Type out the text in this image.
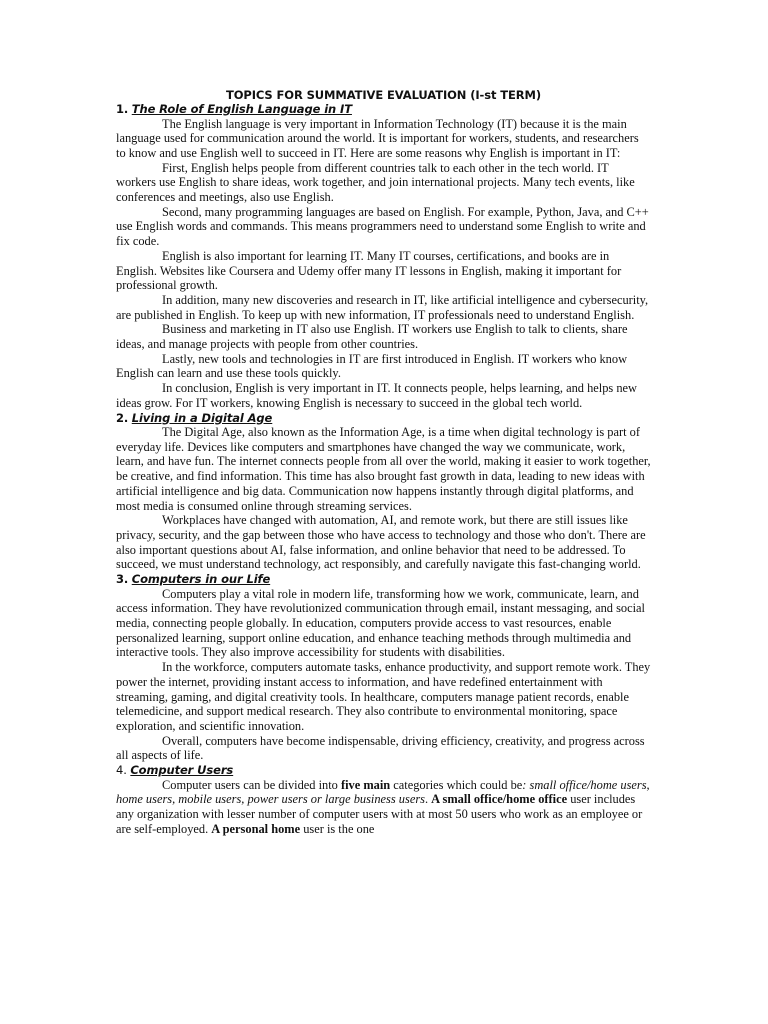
TOPICS FOR SUMMATIVE EVALUATION (I-st TERM)
1. The Role of English Language in IT

The English language is very important in Information Technology (IT) because it is the main language used for communication around the world. It is important for workers, students, and researchers to know and use English well to succeed in IT. Here are some reasons why English is important in IT:

First, English helps people from different countries talk to each other in the tech world. IT workers use English to share ideas, work together, and join international projects. Many tech events, like conferences and meetings, also use English.

Second, many programming languages are based on English. For example, Python, Java, and C++ use English words and commands. This means programmers need to understand some English to write and fix code.

English is also important for learning IT. Many IT courses, certifications, and books are in English. Websites like Coursera and Udemy offer many IT lessons in English, making it important for professional growth.

In addition, many new discoveries and research in IT, like artificial intelligence and cybersecurity, are published in English. To keep up with new information, IT professionals need to understand English.

Business and marketing in IT also use English. IT workers use English to talk to clients, share ideas, and manage projects with people from other countries.

Lastly, new tools and technologies in IT are first introduced in English. IT workers who know English can learn and use these tools quickly.

In conclusion, English is very important in IT. It connects people, helps learning, and helps new ideas grow. For IT workers, knowing English is necessary to succeed in the global tech world.

2. Living in a Digital Age

The Digital Age, also known as the Information Age, is a time when digital technology is part of everyday life. Devices like computers and smartphones have changed the way we communicate, work, learn, and have fun. The internet connects people from all over the world, making it easier to work together, be creative, and find information. This time has also brought fast growth in data, leading to new ideas with artificial intelligence and big data. Communication now happens instantly through digital platforms, and most media is consumed online through streaming services.

Workplaces have changed with automation, AI, and remote work, but there are still issues like privacy, security, and the gap between those who have access to technology and those who don't. There are also important questions about AI, false information, and online behavior that need to be addressed. To succeed, we must understand technology, act responsibly, and carefully navigate this fast-changing world.

3. Computers in our Life

Computers play a vital role in modern life, transforming how we work, communicate, learn, and access information. They have revolutionized communication through email, instant messaging, and social media, connecting people globally. In education, computers provide access to vast resources, enable personalized learning, support online education, and enhance teaching methods through multimedia and interactive tools. They also improve accessibility for students with disabilities.

In the workforce, computers automate tasks, enhance productivity, and support remote work. They power the internet, providing instant access to information, and have redefined entertainment with streaming, gaming, and digital creativity tools. In healthcare, computers manage patient records, enable telemedicine, and support medical research. They also contribute to environmental monitoring, space exploration, and scientific innovation.

Overall, computers have become indispensable, driving efficiency, creativity, and progress across all aspects of life.

4. Computer Users

Computer users can be divided into five main categories which could be: small office/home users, home users, mobile users, power users or large business users. A small office/home office user includes any organization with lesser number of computer users with at most 50 users who work as an employee or are self-employed. A personal home user is the one
